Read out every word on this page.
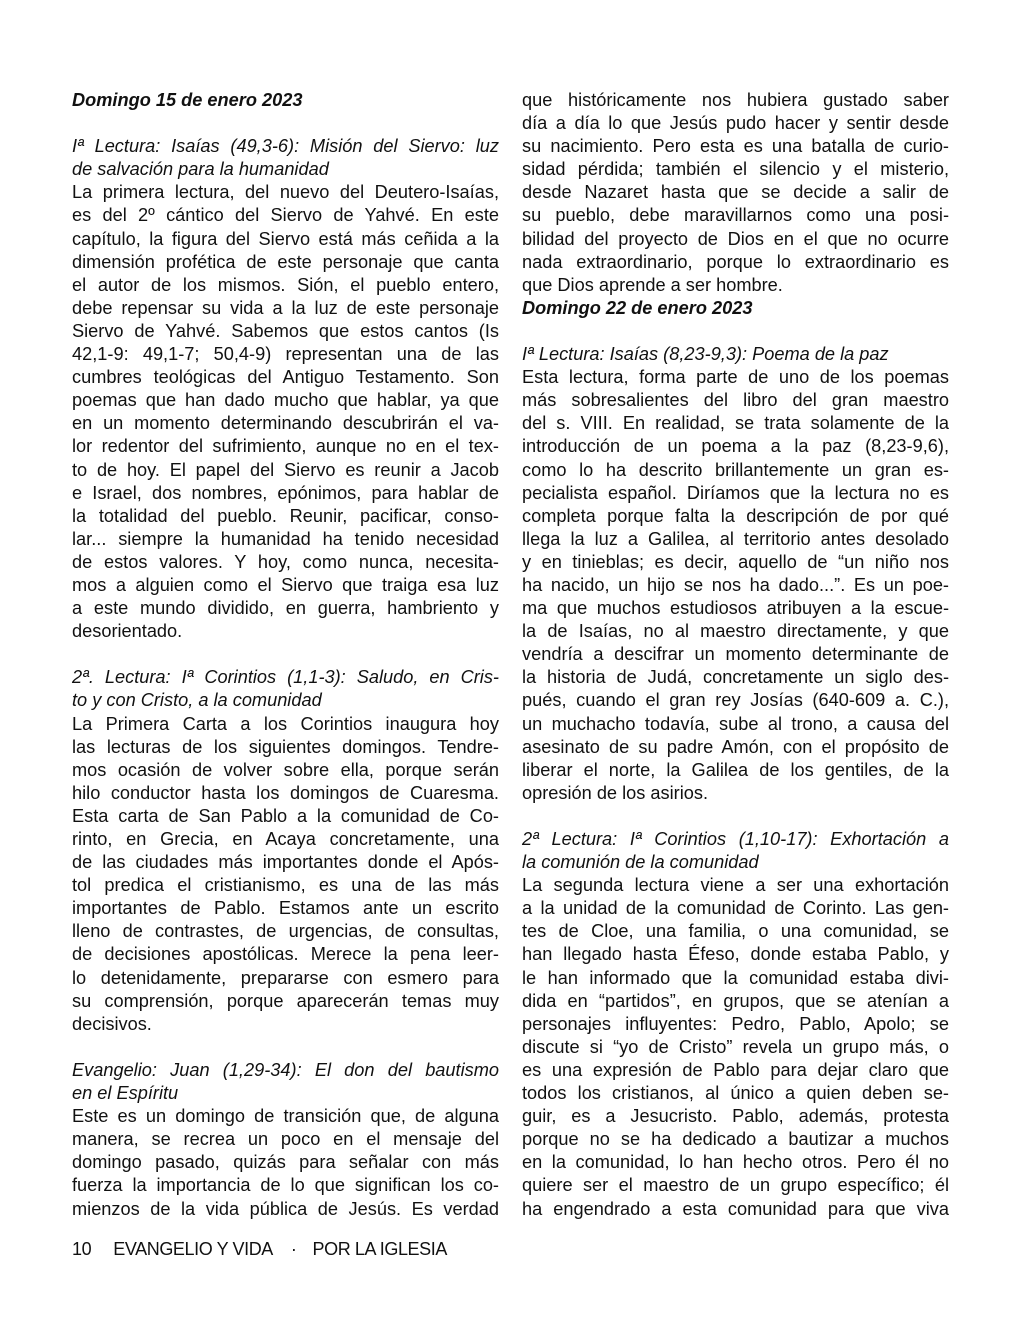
Domingo 15 de enero 2023
Iª Lectura: Isaías (49,3-6): Misión del Siervo: luz
de salvación para la humanidad
La primera lectura, del nuevo del Deutero-Isaías,
es del 2º cántico del Siervo de Yahvé. En este
capítulo, la figura del Siervo está más ceñida a la
dimensión profética de este personaje que canta
el autor de los mismos. Sión, el pueblo entero,
debe repensar su vida a la luz de este personaje
Siervo de Yahvé. Sabemos que estos cantos (Is
42,1-9: 49,1-7; 50,4-9) representan una de las
cumbres teológicas del Antiguo Testamento. Son
poemas que han dado mucho que hablar, ya que
en un momento determinando descubrirán el va-
lor redentor del sufrimiento, aunque no en el tex-
to de hoy. El papel del Siervo es reunir a Jacob
e Israel, dos nombres, epónimos, para hablar de
la totalidad del pueblo. Reunir, pacificar, conso-
lar... siempre la humanidad ha tenido necesidad
de estos valores. Y hoy, como nunca, necesita-
mos a alguien como el Siervo que traiga esa luz
a este mundo dividido, en guerra, hambriento y
desorientado.
2ª. Lectura: Iª Corintios (1,1-3): Saludo, en Cris-
to y con Cristo, a la comunidad
La Primera Carta a los Corintios inaugura hoy
las lecturas de los siguientes domingos. Tendre-
mos ocasión de volver sobre ella, porque serán
hilo conductor hasta los domingos de Cuaresma.
Esta carta de San Pablo a la comunidad de Co-
rinto, en Grecia, en Acaya concretamente, una
de las ciudades más importantes donde el Após-
tol predica el cristianismo, es una de las más
importantes de Pablo. Estamos ante un escrito
lleno de contrastes, de urgencias, de consultas,
de decisiones apostólicas. Merece la pena leer-
lo detenidamente, prepararse con esmero para
su comprensión, porque aparecerán temas muy
decisivos.
Evangelio: Juan (1,29-34): El don del bautismo
en el Espíritu
Este es un domingo de transición que, de alguna
manera, se recrea un poco en el mensaje del
domingo pasado, quizás para señalar con más
fuerza la importancia de lo que significan los co-
mienzos de la vida pública de Jesús. Es verdad
que históricamente nos hubiera gustado saber
día a día lo que Jesús pudo hacer y sentir desde
su nacimiento. Pero esta es una batalla de curio-
sidad pérdida; también el silencio y el misterio,
desde Nazaret hasta que se decide a salir de
su pueblo, debe maravillarnos como una posi-
bilidad del proyecto de Dios en el que no ocurre
nada extraordinario, porque lo extraordinario es
que Dios aprende a ser hombre.
Domingo 22 de enero 2023
Iª Lectura: Isaías (8,23-9,3): Poema de la paz
Esta lectura, forma parte de uno de los poemas
más sobresalientes del libro del gran maestro
del s. VIII. En realidad, se trata solamente de la
introducción de un poema a la paz (8,23-9,6),
como lo ha descrito brillantemente un gran es-
pecialista español. Diríamos que la lectura no es
completa porque falta la descripción de por qué
llega la luz a Galilea, al territorio antes desolado
y en tinieblas; es decir, aquello de “un niño nos
ha nacido, un hijo se nos ha dado...”. Es un poe-
ma que muchos estudiosos atribuyen a la escue-
la de Isaías, no al maestro directamente, y que
vendría a descifrar un momento determinante de
la historia de Judá, concretamente un siglo des-
pués, cuando el gran rey Josías (640-609 a. C.),
un muchacho todavía, sube al trono, a causa del
asesinato de su padre Amón, con el propósito de
liberar el norte, la Galilea de los gentiles, de la
opresión de los asirios.
2ª Lectura: Iª Corintios (1,10-17): Exhortación a
la comunión de la comunidad
La segunda lectura viene a ser una exhortación
a la unidad de la comunidad de Corinto. Las gen-
tes de Cloe, una familia, o una comunidad, se
han llegado hasta Éfeso, donde estaba Pablo, y
le han informado que la comunidad estaba divi-
dida en “partidos”, en grupos, que se atenían a
personajes influyentes: Pedro, Pablo, Apolo; se
discute si “yo de Cristo” revela un grupo más, o
es una expresión de Pablo para dejar claro que
todos los cristianos, al único a quien deben se-
guir, es a Jesucristo. Pablo, además, protesta
porque no se ha dedicado a bautizar a muchos
en la comunidad, lo han hecho otros. Pero él no
quiere ser el maestro de un grupo específico; él
ha engendrado a esta comunidad para que viva
10 EVANGELIO Y VIDA · POR LA IGLESIA
